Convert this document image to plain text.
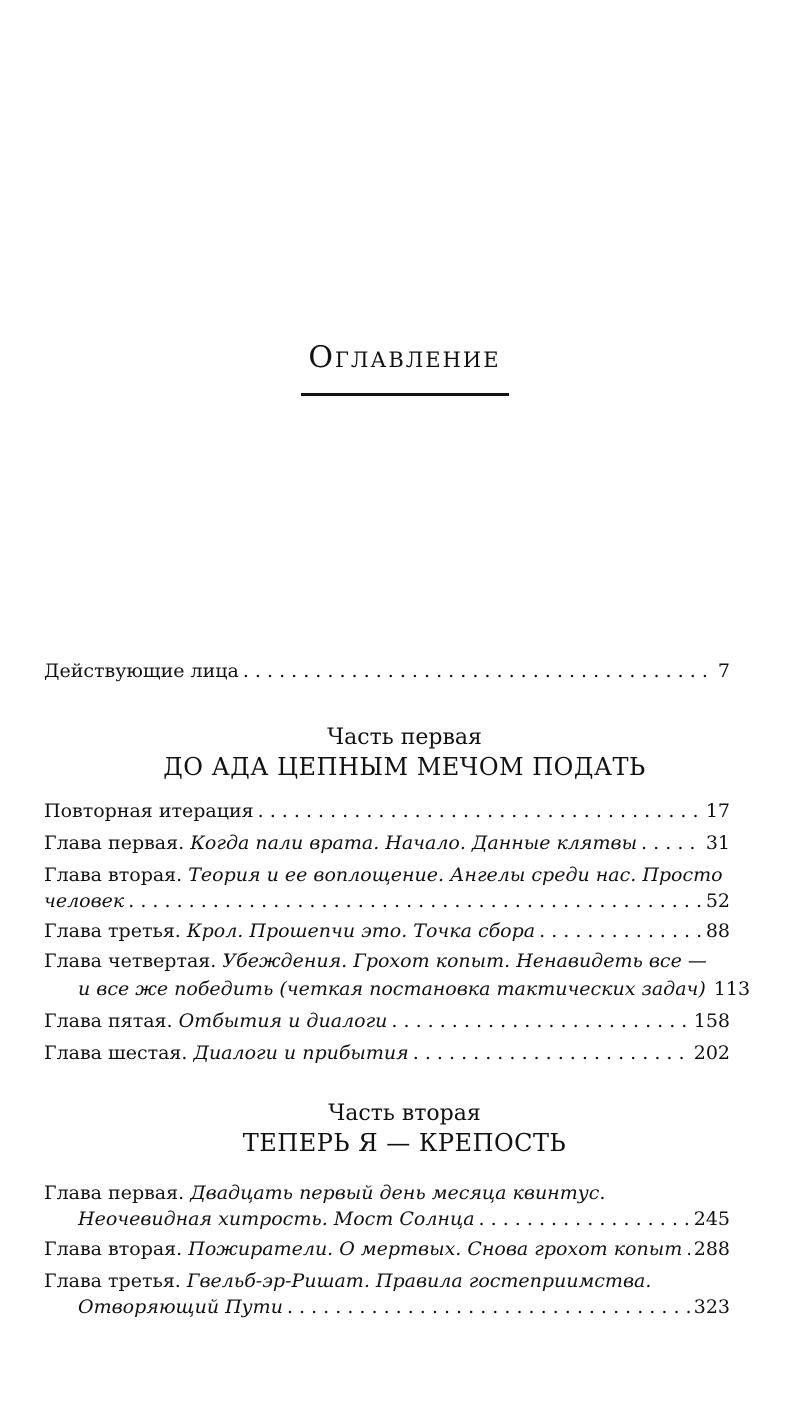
Оглавление
Действующие лица . . .	7
Часть первая
ДО АДА ЦЕПНЫМ МЕЧОМ ПОДАТЬ
Повторная итерация . . .	17
Глава первая. Когда пали врата. Начало. Данные клятвы . . .	31
Глава вторая. Теория и ее воплощение. Ангелы среди нас. Просто
человек . . .	52
Глава третья. Крол. Прошепчи это. Точка сбора . . .	88
Глава четвертая. Убеждения. Грохот копыт. Ненавидеть все —
и все же победить (четкая постановка тактических задач) 113
Глава пятая. Отбытия и диалоги . . .	158
Глава шестая. Диалоги и прибытия . . .	202
Часть вторая
ТЕПЕРЬ Я — КРЕПОСТЬ
Глава первая. Двадцать первый день месяца квинтус.
Неочевидная хитрость. Мост Солнца . . .	245
Глава вторая. Пожиратели. О мертвых. Снова грохот копыт . . . 288
Глава третья. Гвельб-эр-Ришат. Правила гостеприимства.
Отворяющий Пути . . .	323
